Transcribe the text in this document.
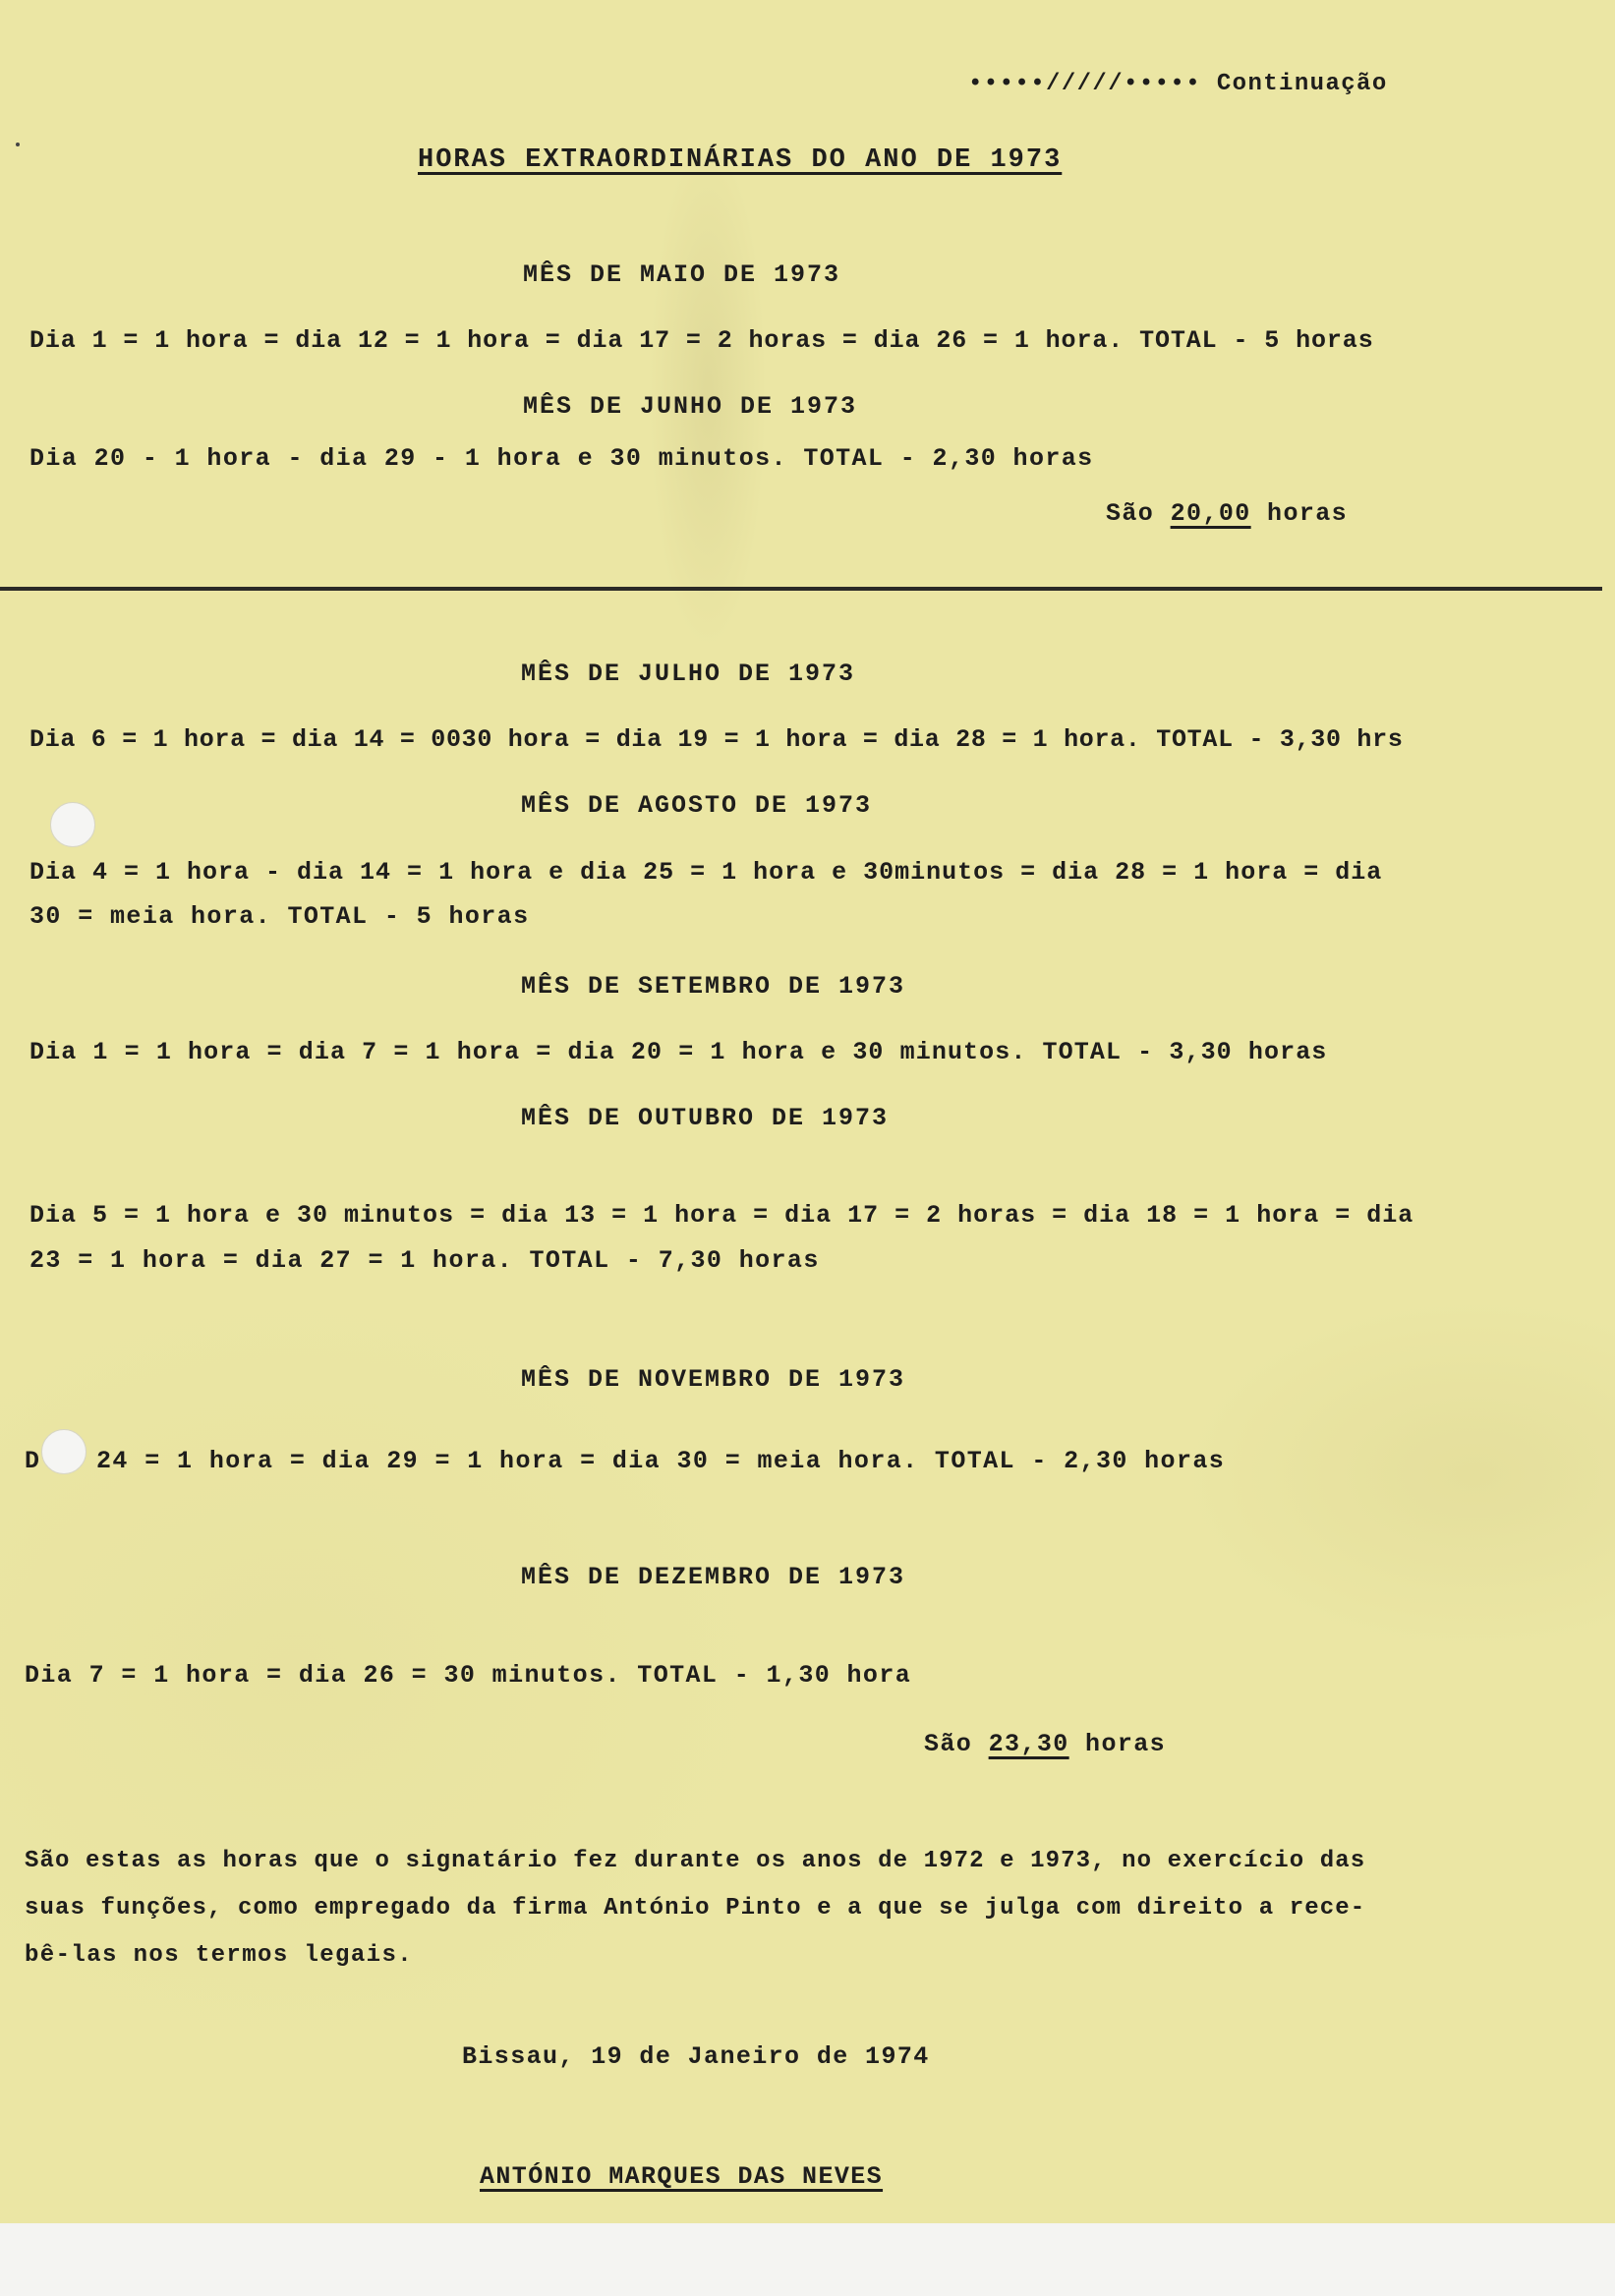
•••••/////••••• Continuação
HORAS EXTRAORDINÁRIAS DO ANO DE 1973
MÊS DE MAIO DE 1973
Dia 1 = 1 hora = dia 12 = 1 hora = dia 17 = 2 horas = dia 26 = 1 hora. TOTAL - 5 horas
MÊS DE JUNHO DE 1973
Dia 20 - 1 hora - dia 29 - 1 hora e 30 minutos. TOTAL - 2,30 horas
São 20,00 horas
MÊS DE JULHO DE 1973
Dia 6 = 1 hora = dia 14 = 0030 hora = dia 19 = 1 hora = dia 28 = 1 hora. TOTAL - 3,30 hrs
MÊS DE AGOSTO DE 1973
Dia 4 = 1 hora - dia 14 = 1 hora e dia 25 = 1 hora e 30minutos = dia 28 = 1 hora = dia
30 = meia hora. TOTAL - 5 horas
MÊS DE SETEMBRO DE 1973
Dia 1 = 1 hora = dia 7 = 1 hora = dia 20 = 1 hora e 30 minutos. TOTAL - 3,30 horas
MÊS DE OUTUBRO DE 1973
Dia 5 = 1 hora e 30 minutos = dia 13 = 1 hora = dia 17 = 2 horas = dia 18 = 1 hora = dia
23 = 1 hora = dia 27 = 1 hora. TOTAL - 7,30 horas
MÊS DE NOVEMBRO DE 1973
D 24 = 1 hora = dia 29 = 1 hora = dia 30 = meia hora. TOTAL - 2,30 horas
MÊS DE DEZEMBRO DE 1973
Dia 7 = 1 hora = dia 26 = 30 minutos. TOTAL - 1,30 hora
São 23,30 horas
São estas as horas que o signatário fez durante os anos de 1972 e 1973, no exercício das
suas funções, como empregado da firma António Pinto e a que se julga com direito a rece-
bê-las nos termos legais.
Bissau, 19 de Janeiro de 1974
ANTÓNIO MARQUES DAS NEVES
